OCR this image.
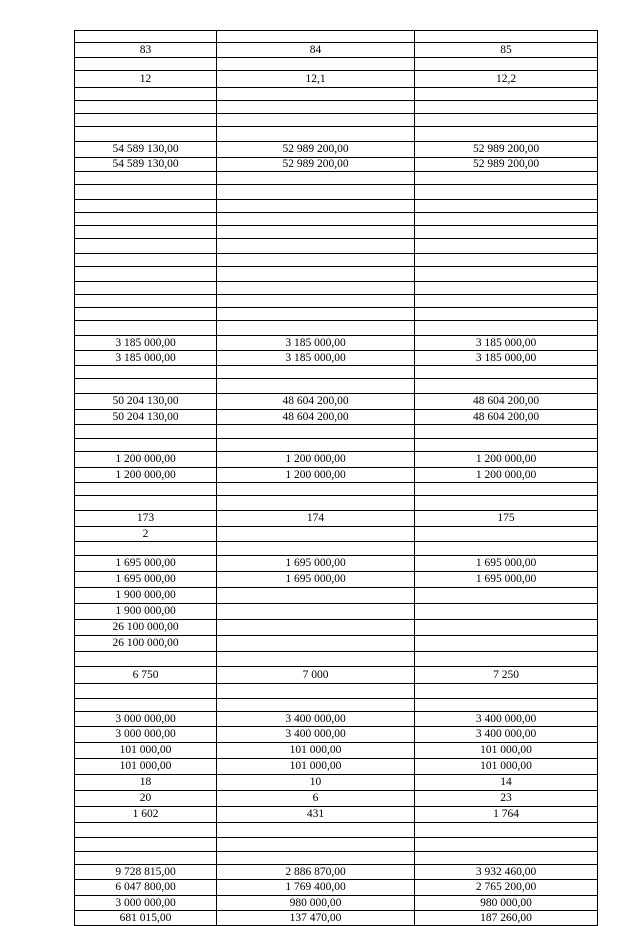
83	84	85

12	12,1	12,2

54 589 130,00	52 989 200,00	52 989 200,00
54 589 130,00	52 989 200,00	52 989 200,00

3 185 000,00	3 185 000,00	3 185 000,00
3 185 000,00	3 185 000,00	3 185 000,00

50 204 130,00	48 604 200,00	48 604 200,00
50 204 130,00	48 604 200,00	48 604 200,00

1 200 000,00	1 200 000,00	1 200 000,00
1 200 000,00	1 200 000,00	1 200 000,00

173	174	175
2		

1 695 000,00	1 695 000,00	1 695 000,00
1 695 000,00	1 695 000,00	1 695 000,00
1 900 000,00		
1 900 000,00		
26 100 000,00		
26 100 000,00		

6 750	7 000	7 250

3 000 000,00	3 400 000,00	3 400 000,00
3 000 000,00	3 400 000,00	3 400 000,00
101 000,00	101 000,00	101 000,00
101 000,00	101 000,00	101 000,00
18	10	14
20	6	23
1 602	431	1 764

9 728 815,00	2 886 870,00	3 932 460,00
6 047 800,00	1 769 400,00	2 765 200,00
3 000 000,00	980 000,00	980 000,00
681 015,00	137 470,00	187 260,00
